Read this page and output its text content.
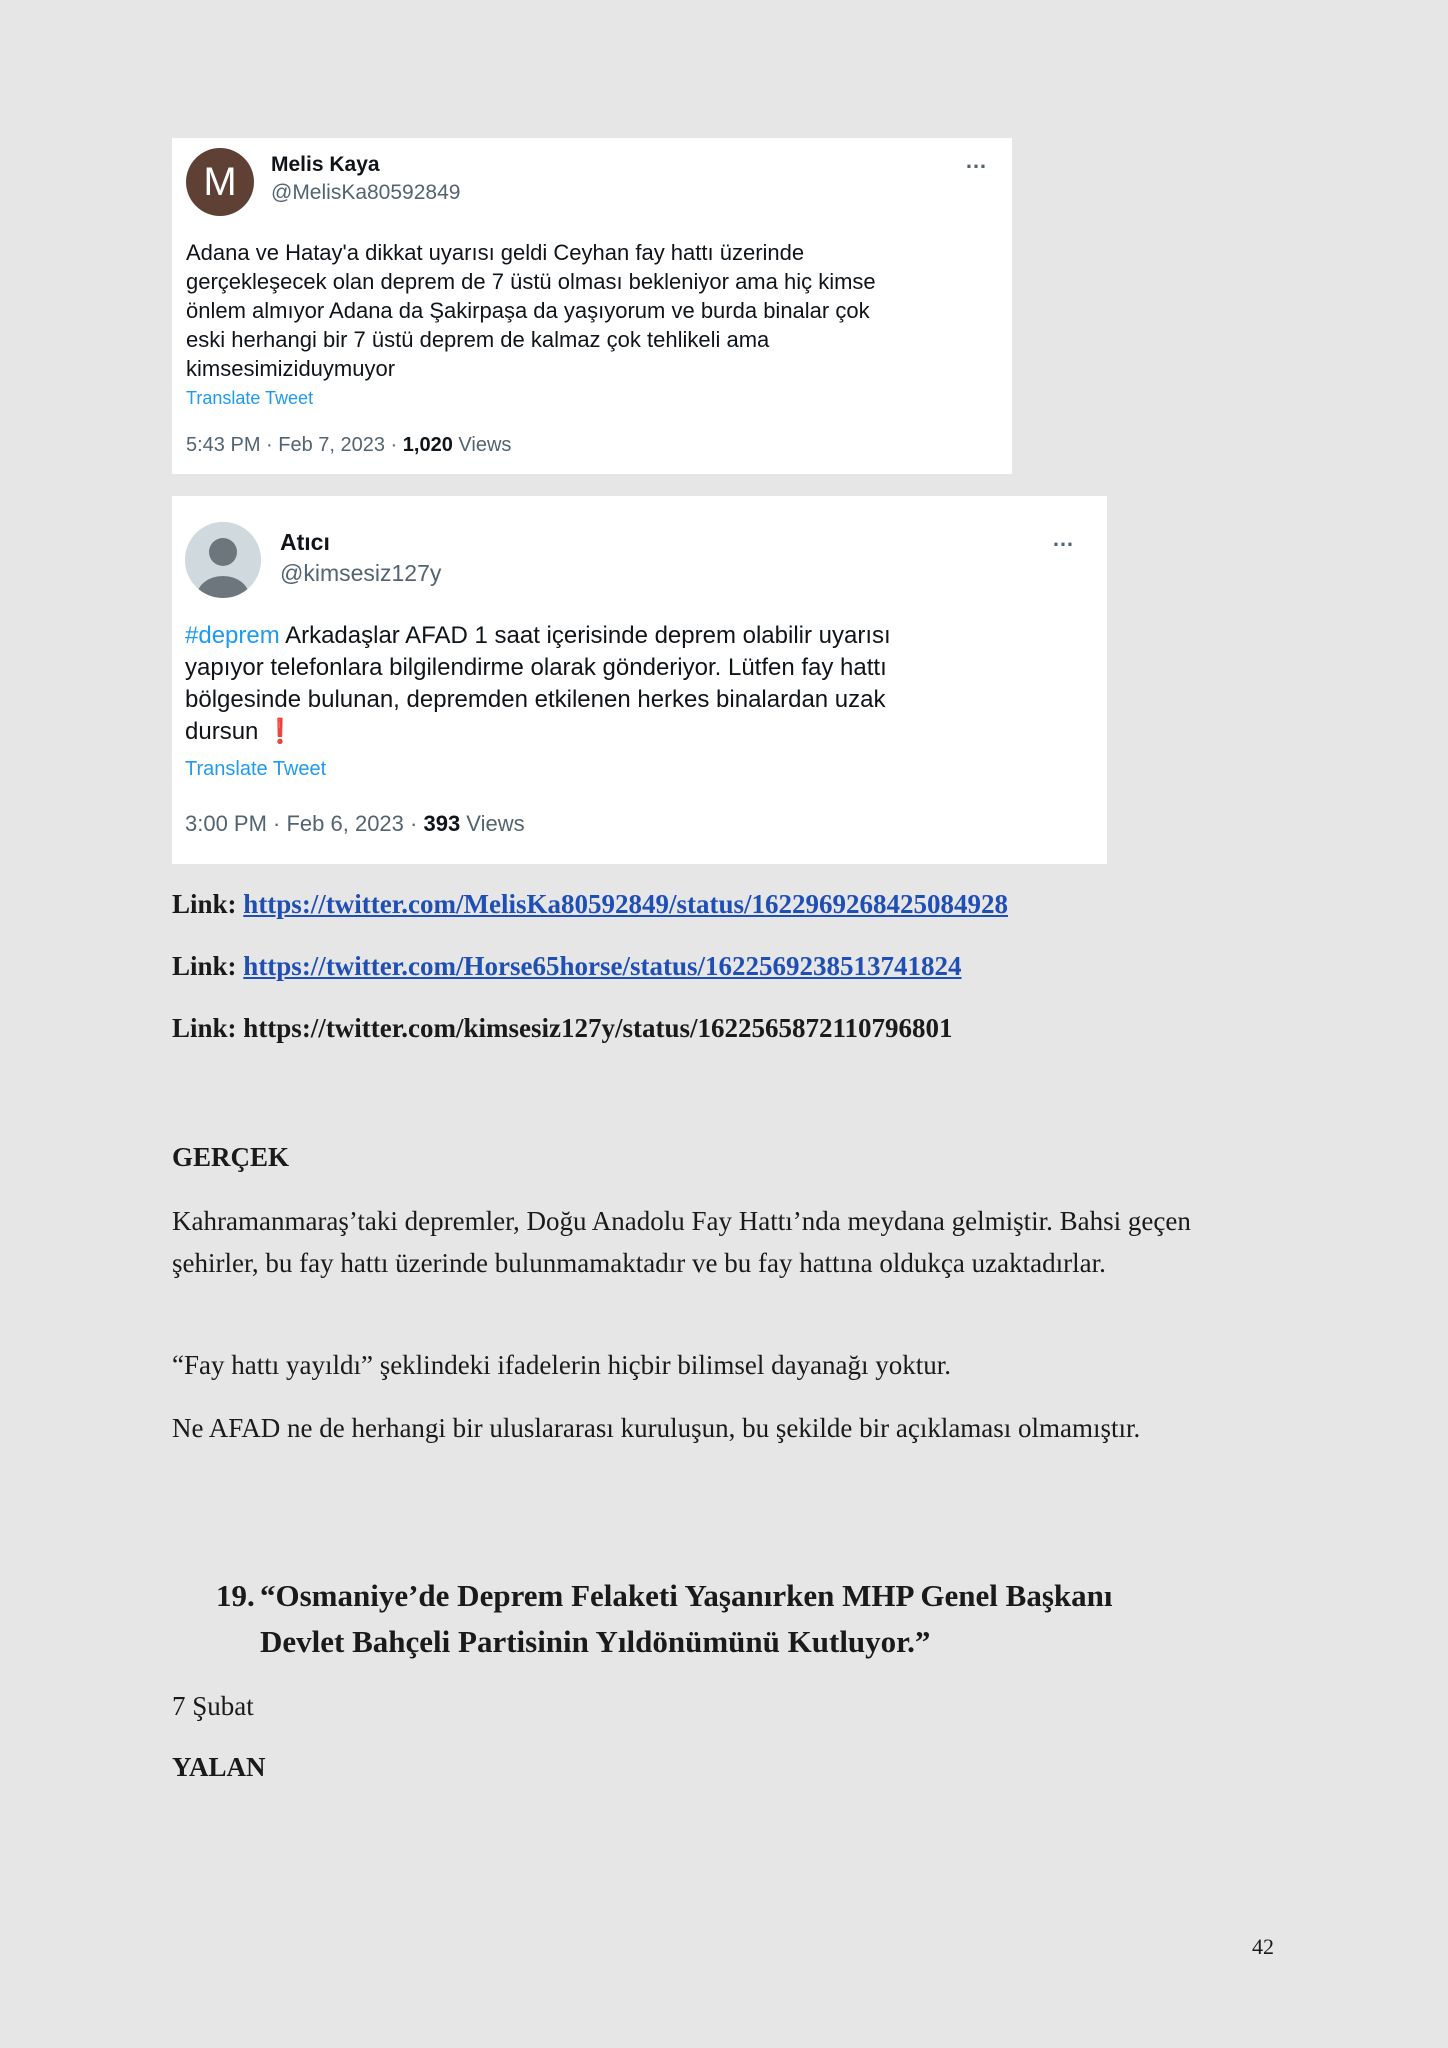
M	Melis Kaya
@MelisKa80592849
…
Adana ve Hatay'a dikkat uyarısı geldi Ceyhan fay hattı üzerinde
gerçekleşecek olan deprem de 7 üstü olması bekleniyor ama hiç kimse
önlem almıyor Adana da Şakirpaşa da yaşıyorum ve burda binalar çok
eski herhangi bir 7 üstü deprem de kalmaz çok tehlikeli ama
kimsesimiziduymuyor
Translate Tweet
5:43 PM · Feb 7, 2023 · 1,020 Views
Atıcı
@kimsesiz127y
…
#deprem Arkadaşlar AFAD 1 saat içerisinde deprem olabilir uyarısı
yapıyor telefonlara bilgilendirme olarak gönderiyor. Lütfen fay hattı
bölgesinde bulunan, depremden etkilenen herkes binalardan uzak
dursun ❗
Translate Tweet
3:00 PM · Feb 6, 2023 · 393 Views
Link: https://twitter.com/MelisKa80592849/status/1622969268425084928
Link: https://twitter.com/Horse65horse/status/1622569238513741824
Link: https://twitter.com/kimsesiz127y/status/1622565872110796801
GERÇEK
Kahramanmaraş’taki depremler, Doğu Anadolu Fay Hattı’nda meydana gelmiştir. Bahsi geçen şehirler, bu fay hattı üzerinde bulunmamaktadır ve bu fay hattına oldukça uzaktadırlar.
“Fay hattı yayıldı” şeklindeki ifadelerin hiçbir bilimsel dayanağı yoktur.
Ne AFAD ne de herhangi bir uluslararası kuruluşun, bu şekilde bir açıklaması olmamıştır.
19. “Osmaniye’de Deprem Felaketi Yaşanırken MHP Genel Başkanı
Devlet Bahçeli Partisinin Yıldönümünü Kutluyor.”
7 Şubat
YALAN
42
